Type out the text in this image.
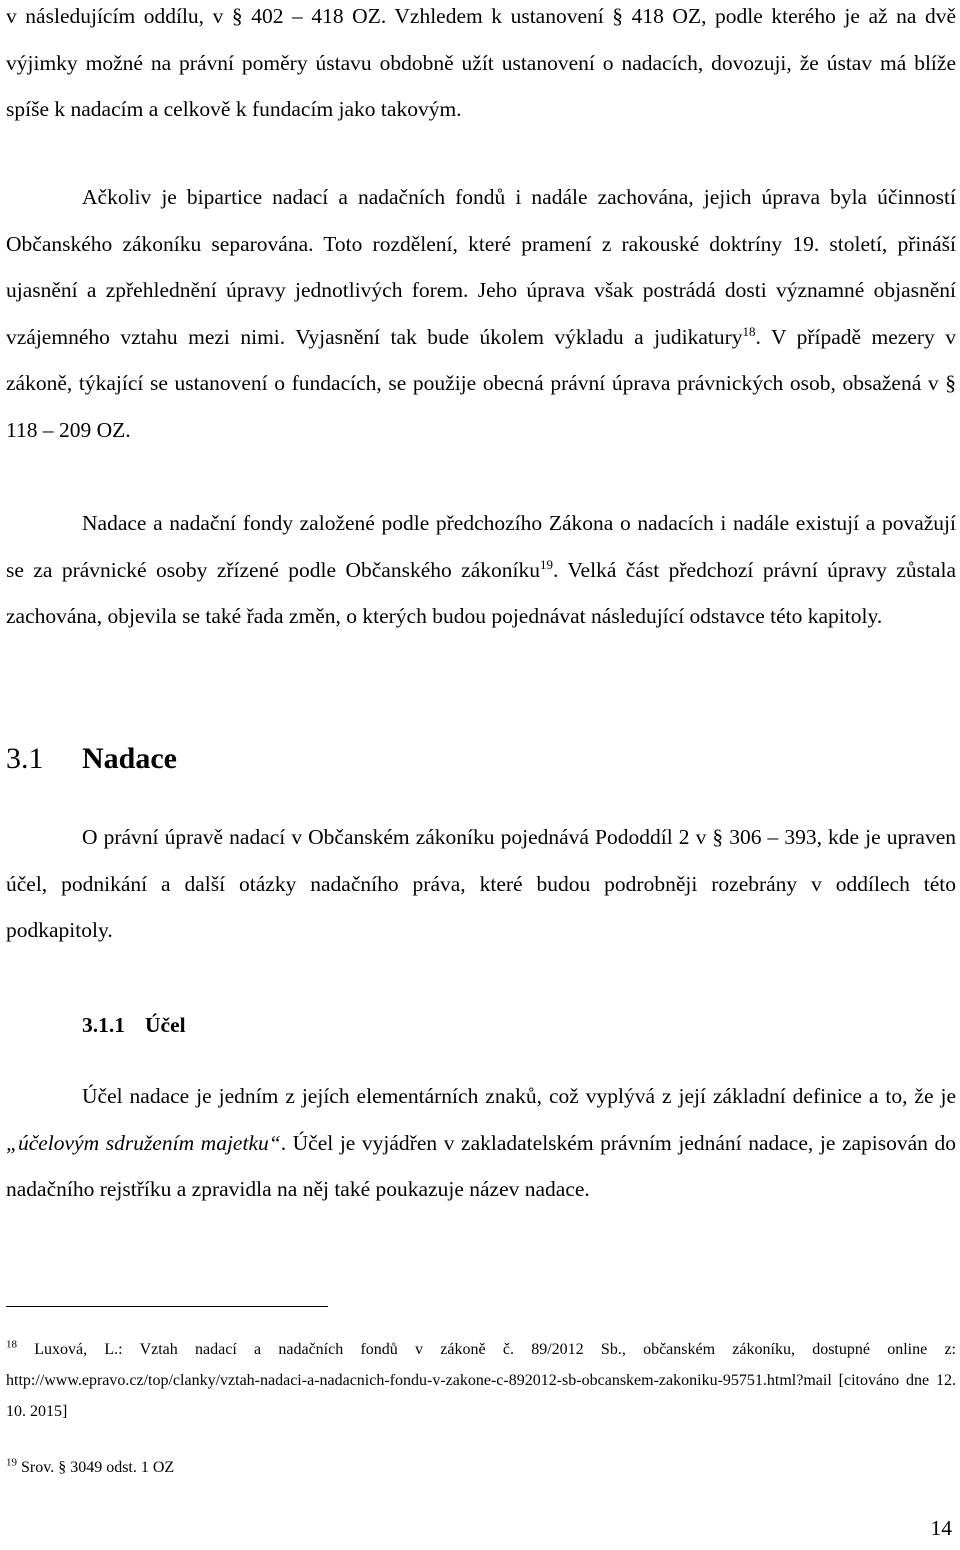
v následujícím oddílu, v § 402 – 418 OZ. Vzhledem k ustanovení § 418 OZ, podle kterého je až na dvě výjimky možné na právní poměry ústavu obdobně užít ustanovení o nadacích, dovozuji, že ústav má blíže spíše k nadacím a celkově k fundacím jako takovým.

Ačkoliv je bipartice nadací a nadačních fondů i nadále zachována, jejich úprava byla účinností Občanského zákoníku separována. Toto rozdělení, které pramení z rakouské doktríny 19. století, přináší ujasnění a zpřehlednění úpravy jednotlivých forem. Jeho úprava však postrádá dosti významné objasnění vzájemného vztahu mezi nimi. Vyjasnění tak bude úkolem výkladu a judikatury$^{18}$. V případě mezery v zákoně, týkající se ustanovení o fundacích, se použije obecná právní úprava právnických osob, obsažená v § 118 – 209 OZ.

Nadace a nadační fondy založené podle předchozího Zákona o nadacích i nadále existují a považují se za právnické osoby zřízené podle Občanského zákoníku$^{19}$. Velká část předchozí právní úpravy zůstala zachována, objevila se také řada změn, o kterých budou pojednávat následující odstavce této kapitoly.

3.1 Nadace

O právní úpravě nadací v Občanském zákoníku pojednává Pododdíl 2 v § 306 – 393, kde je upraven účel, podnikání a další otázky nadačního práva, které budou podrobněji rozebrány v oddílech této podkapitoly.

3.1.1 Účel

Účel nadace je jedním z jejích elementárních znaků, což vyplývá z její základní definice a to, že je „účelovým sdružením majetku“. Účel je vyjádřen v zakladatelském právním jednání nadace, je zapisován do nadačního rejstříku a zpravidla na něj také poukazuje název nadace.

$^{18}$ Luxová, L.: Vztah nadací a nadačních fondů v zákoně č. 89/2012 Sb., občanském zákoníku, dostupné online z: http://www.epravo.cz/top/clanky/vztah-nadaci-a-nadacnich-fondu-v-zakone-c-892012-sb-obcanskem-zakoniku-95751.html?mail [citováno dne 12. 10. 2015]
$^{19}$ Srov. § 3049 odst. 1 OZ
14
